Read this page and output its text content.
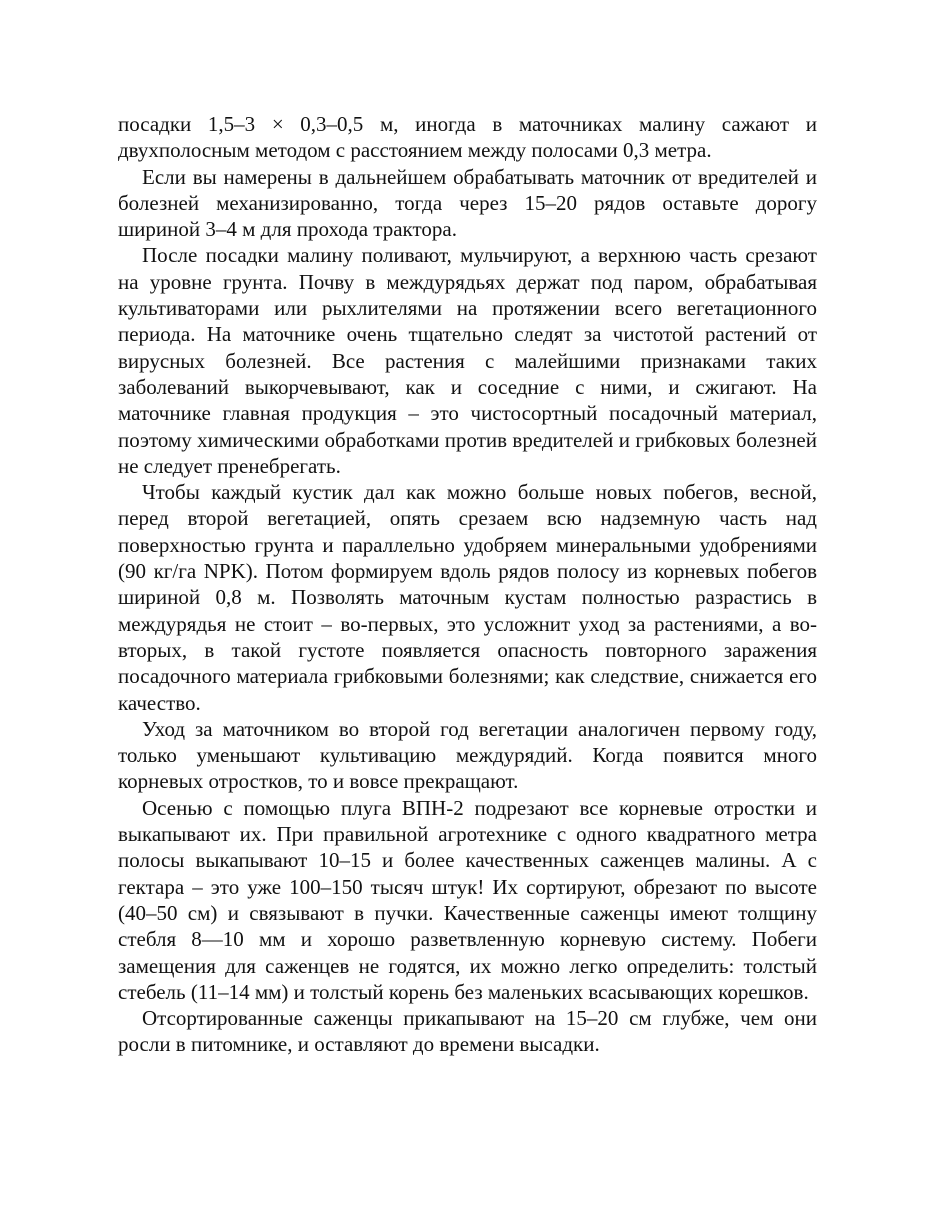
посадки 1,5–3 × 0,3–0,5 м, иногда в маточниках малину сажают и двухполосным методом с расстоянием между полосами 0,3 метра.

Если вы намерены в дальнейшем обрабатывать маточник от вредителей и болезней механизированно, тогда через 15–20 рядов оставьте дорогу шириной 3–4 м для прохода трактора.

После посадки малину поливают, мульчируют, а верхнюю часть срезают на уровне грунта. Почву в междурядьях держат под паром, обрабатывая культиваторами или рыхлителями на протяжении всего вегетационного периода. На маточнике очень тщательно следят за чистотой растений от вирусных болезней. Все растения с малейшими признаками таких заболеваний выкорчевывают, как и соседние с ними, и сжигают. На маточнике главная продукция – это чистосортный посадочный материал, поэтому химическими обработками против вредителей и грибковых болезней не следует пренебрегать.

Чтобы каждый кустик дал как можно больше новых побегов, весной, перед второй вегетацией, опять срезаем всю надземную часть над поверхностью грунта и параллельно удобряем минеральными удобрениями (90 кг/га NPK). Потом формируем вдоль рядов полосу из корневых побегов шириной 0,8 м. Позволять маточным кустам полностью разрастись в междурядья не стоит – во-первых, это усложнит уход за растениями, а во-вторых, в такой густоте появляется опасность повторного заражения посадочного материала грибковыми болезнями; как следствие, снижается его качество.

Уход за маточником во второй год вегетации аналогичен первому году, только уменьшают культивацию междурядий. Когда появится много корневых отростков, то и вовсе прекращают.

Осенью с помощью плуга ВПН-2 подрезают все корневые отростки и выкапывают их. При правильной агротехнике с одного квадратного метра полосы выкапывают 10–15 и более качественных саженцев малины. А с гектара – это уже 100–150 тысяч штук! Их сортируют, обрезают по высоте (40–50 см) и связывают в пучки. Качественные саженцы имеют толщину стебля 8—10 мм и хорошо разветвленную корневую систему. Побеги замещения для саженцев не годятся, их можно легко определить: толстый стебель (11–14 мм) и толстый корень без маленьких всасывающих корешков.

Отсортированные саженцы прикапывают на 15–20 см глубже, чем они росли в питомнике, и оставляют до времени высадки.
